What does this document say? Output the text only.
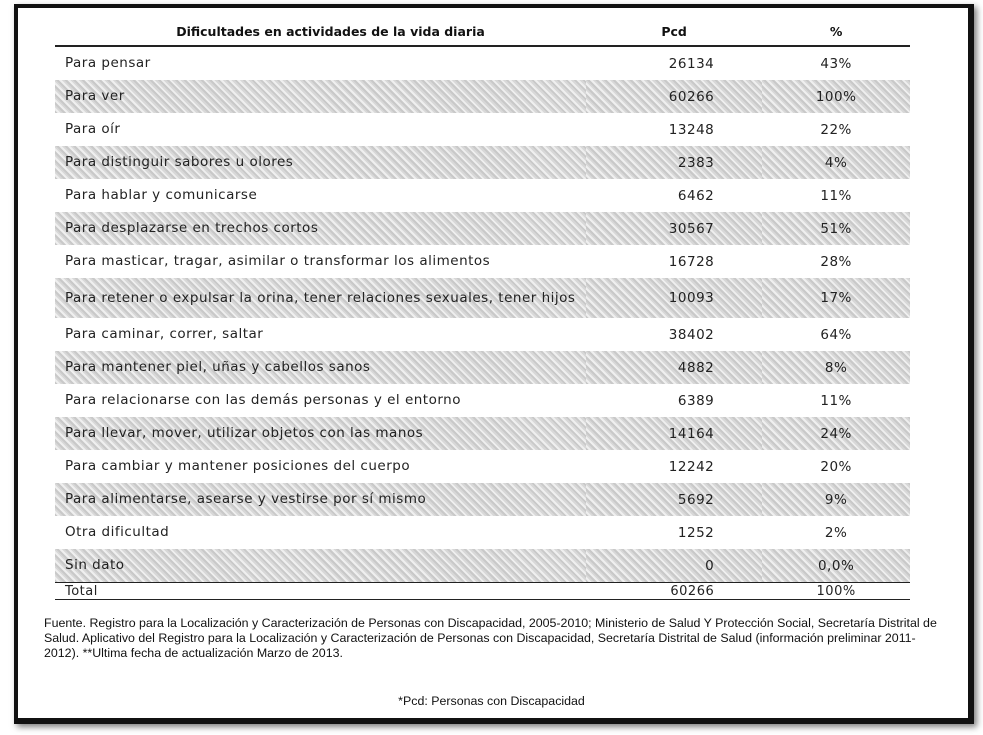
Dificultades en actividades de la vida diaria	Pcd	%
Para pensar	26134	43%
Para ver	60266	100%
Para oír	13248	22%
Para distinguir sabores u olores	2383	4%
Para hablar y comunicarse	6462	11%
Para desplazarse en trechos cortos	30567	51%
Para masticar, tragar, asimilar o transformar los alimentos	16728	28%
Para retener o expulsar la orina, tener relaciones sexuales, tener hijos	10093	17%
Para caminar, correr, saltar	38402	64%
Para mantener piel, uñas y cabellos sanos	4882	8%
Para relacionarse con las demás personas y el entorno	6389	11%
Para llevar, mover, utilizar objetos con las manos	14164	24%
Para cambiar y mantener posiciones del cuerpo	12242	20%
Para alimentarse, asearse y vestirse por sí mismo	5692	9%
Otra dificultad	1252	2%
Sin dato	0	0,0%
Total	60266	100%
Fuente. Registro para la Localización y Caracterización de Personas con Discapacidad, 2005-2010; Ministerio de Salud Y Protección Social, Secretaría Distrital de Salud. Aplicativo del Registro para la Localización y Caracterización de Personas con Discapacidad, Secretaría Distrital de Salud (información preliminar 2011-2012). **Ultima fecha de actualización Marzo de 2013.
*Pcd: Personas con Discapacidad
